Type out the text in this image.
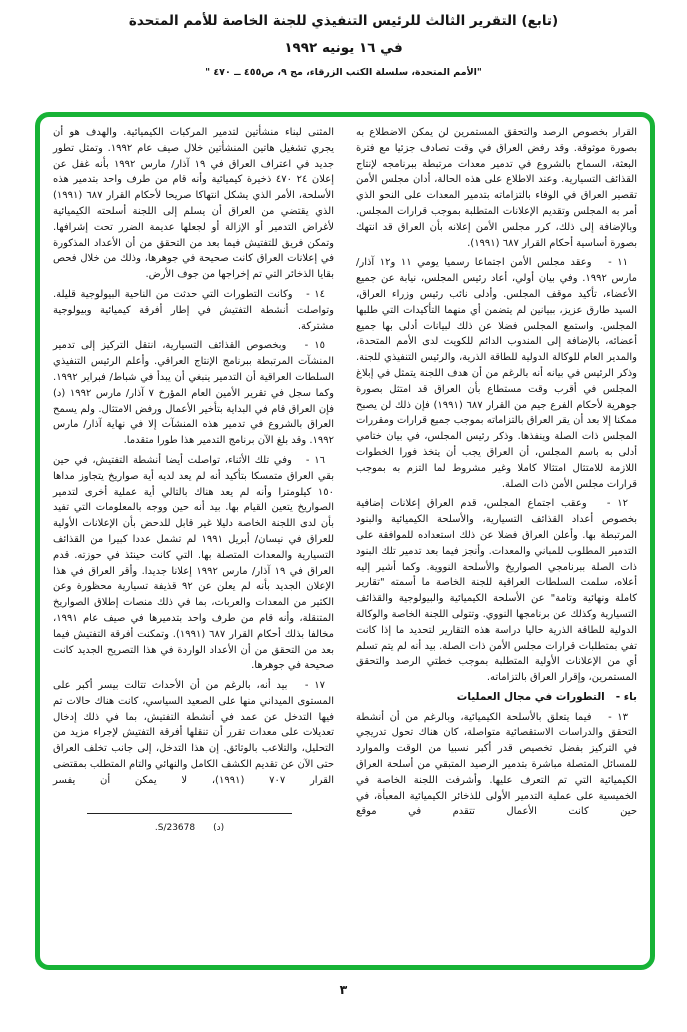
(تابع) التقرير الثالث للرئيس التنفيذي للجنة الخاصة للأمم المتحدة

في ١٦ يونيه ١٩٩٢

"الأمم المتحدة، سلسلة الكتب الزرقاء، مج ٩، ص٤٥٥ ــ ٤٧٠ "

القرار بخصوص الرصد والتحقق المستمرين لن يمكن الاضطلاع به بصورة موثوقة. وقد رفض العراق في وقت تصادف جزئيا مع فترة البعثة، السماح بالشروع في تدمير معدات مرتبطة ببرنامجه لإنتاج القذائف التسيارية. وعند الاطلاع على هذه الحالة، أدان مجلس الأمن تقصير العراق في الوفاء بالتزاماته بتدمير المعدات على النحو الذي أمر به المجلس وتقديم الإعلانات المتطلبة بموجب قرارات المجلس. وبالإضافة إلى ذلك، كرر مجلس الأمن إعلانه بأن العراق قد انتهك بصورة أساسية أحكام القرار ٦٨٧ (١٩٩١).

١١ -   وعقد مجلس الأمن اجتماعا رسميا يومي ١١ و١٢ آذار/ مارس ١٩٩٢. وفي بيان أولي، أعاد رئيس المجلس، نيابة عن جميع الأعضاء، تأكيد موقف المجلس. وأدلى نائب رئيس وزراء العراق، السيد طارق عزيز، ببيانين لم يتضمن أي منهما التأكيدات التي طلبها المجلس. واستمع المجلس فضلا عن ذلك لبيانات أدلى بها جميع أعضائه، بالإضافة إلى المندوب الدائم للكويت لدى الأمم المتحدة، والمدير العام للوكالة الدولية للطاقة الذرية، والرئيس التنفيذي للجنة. وذكر الرئيس في بيانه أنه بالرغم من أن هدف اللجنة يتمثل في إبلاغ المجلس في أقرب وقت مستطاع بأن العراق قد امتثل بصورة جوهرية لأحكام الفرع جيم من القرار ٦٨٧ (١٩٩١) فإن ذلك لن يصبح ممكنا إلا بعد أن يقر العراق بالتزاماته بموجب جميع قرارات ومقررات المجلس ذات الصلة وينفذها. وذكر رئيس المجلس، في بيان ختامي أدلى به باسم المجلس، أن العراق يجب أن يتخذ فورا الخطوات اللازمة للامتثال امتثالا كاملا وغير مشروط لما التزم به بموجب قرارات مجلس الأمن ذات الصلة.

١٢ -   وعقب اجتماع المجلس، قدم العراق إعلانات إضافية بخصوص أعداد القذائف التسيارية، والأسلحة الكيميائية والبنود المرتبطة بها. وأعلن العراق فضلا عن ذلك استعداده للموافقة على التدمير المطلوب للمباني والمعدات. وأنجز فيما بعد تدمير تلك البنود ذات الصلة ببرنامجي الصواريخ والأسلحة النووية. وكما أشير إليه أعلاه، سلمت السلطات العراقية للجنة الخاصة ما أسمته "تقارير كاملة ونهائية وتامة" عن الأسلحة الكيميائية والبيولوجية والقذائف التسيارية وكذلك عن برنامجها النووي. وتتولى اللجنة الخاصة والوكالة الدولية للطاقة الذرية حاليا دراسة هذه التقارير لتحديد ما إذا كانت تفي بمتطلبات قرارات مجلس الأمن ذات الصلة. بيد أنه لم يتم تسلم أي من الإعلانات الأولية المتطلبة بموجب خطتي الرصد والتحقق المستمرين، وإقرار العراق بالتزاماته.

باء -   التطورات في مجال العمليات

١٣ -   فيما يتعلق بالأسلحة الكيميائية، وبالرغم من أن أنشطة التحقق والدراسات الاستقصائية متواصلة، كان هناك تحول تدريجي في التركيز بفضل تخصيص قدر أكبر نسبيا من الوقت والموارد للمسائل المتصلة مباشرة بتدمير الرصيد المتبقي من أسلحة العراق الكيميائية التي تم التعرف عليها. وأشرفت اللجنة الخاصة في الخميسية على عملية التدمير الأولى للذخائر الكيميائية المعبأة، في حين كانت الأعمال تتقدم في موقع

المثنى لبناء منشأتين لتدمير المركبات الكيميائية. والهدف هو أن يجري تشغيل هاتين المنشأتين خلال صيف عام ١٩٩٢. وتمثل تطور جديد في اعتراف العراق في ١٩ آذار/ مارس ١٩٩٢ بأنه غفل عن إعلان ٢٤ ٤٧٠ ذخيرة كيميائية وأنه قام من طرف واحد بتدمير هذه الأسلحة، الأمر الذي يشكل انتهاكا صريحا لأحكام القرار ٦٨٧ (١٩٩١) الذي يقتضي من العراق أن يسلم إلى اللجنة أسلحته الكيميائية لأغراض التدمير أو الإزالة أو لجعلها عديمة الضرر تحت إشرافها. وتمكن فريق للتفتيش فيما بعد من التحقق من أن الأعداد المذكورة في إعلانات العراق كانت صحيحة في جوهرها، وذلك من خلال فحص بقايا الذخائر التي تم إخراجها من جوف الأرض.

١٤ -   وكانت التطورات التي حدثت من الناحية البيولوجية قليلة. وتواصلت أنشطة التفتيش في إطار أفرقة كيميائية وبيولوجية مشتركة.

١٥ -   وبخصوص القذائف التسيارية، انتقل التركيز إلى تدمير المنشآت المرتبطة ببرنامج الإنتاج العراقي. وأعلم الرئيس التنفيذي السلطات العراقية أن التدمير ينبغي أن يبدأ في شباط/ فبراير ١٩٩٢. وكما سجل في تقرير الأمين العام المؤرخ ٧ آذار/ مارس ١٩٩٢ (د) فإن العراق قام في البداية بتأخير الأعمال ورفض الامتثال. ولم يسمح العراق بالشروع في تدمير هذه المنشآت إلا في نهاية آذار/ مارس ١٩٩٢. وقد بلغ الآن برنامج التدمير هذا طورا متقدما.

١٦ -   وفي تلك الأثناء، تواصلت أيضا أنشطة التفتيش، في حين بقي العراق متمسكا بتأكيد أنه لم يعد لديه أية صواريخ يتجاوز مداها ١٥٠ كيلومترا وأنه لم يعد هناك بالتالي أية عملية أخرى لتدمير الصواريخ يتعين القيام بها. بيد أنه حين ووجه بالمعلومات التي تفيد بأن لدى اللجنة الخاصة دليلا غير قابل للدحض بأن الإعلانات الأولية للعراق في نيسان/ أبريل ١٩٩١ لم تشمل عددا كبيرا من القذائف التسيارية والمعدات المتصلة بها. التي كانت حينئذ في حوزته. قدم العراق في ١٩ آذار/ مارس ١٩٩٢ إعلانا جديدا. وأقر العراق في هذا الإعلان الجديد بأنه لم يعلن عن ٩٢ قذيفة تسيارية محظورة وعن الكثير من المعدات والعربات، بما في ذلك منصات إطلاق الصواريخ المتنقلة، وأنه قام من طرف واحد بتدميرها في صيف عام ١٩٩١، مخالفا بذلك أحكام القرار ٦٨٧ (١٩٩١). وتمكنت أفرقة التفتيش فيما بعد من التحقق من أن الأعداد الواردة في هذا التصريح الجديد كانت صحيحة في جوهرها.

١٧ -   بيد أنه، بالرغم من أن الأحداث تتالت بيسر أكبر على المستوى الميداني منها على الصعيد السياسي، كانت هناك حالات تم فيها التدخل عن عمد في أنشطة التفتيش، بما في ذلك إدخال تعديلات على معدات تقرر أن تنقلها أفرقة التفتيش لإجراء مزيد من التحليل، والتلاعب بالوثائق. إن هذا التدخل، إلى جانب تخلف العراق حتى الآن عن تقديم الكشف الكامل والنهائي والتام المتطلب بمقتضى القرار ٧٠٧ (١٩٩١)، لا يمكن أن يفسر

(د)
S/23678.
٣
